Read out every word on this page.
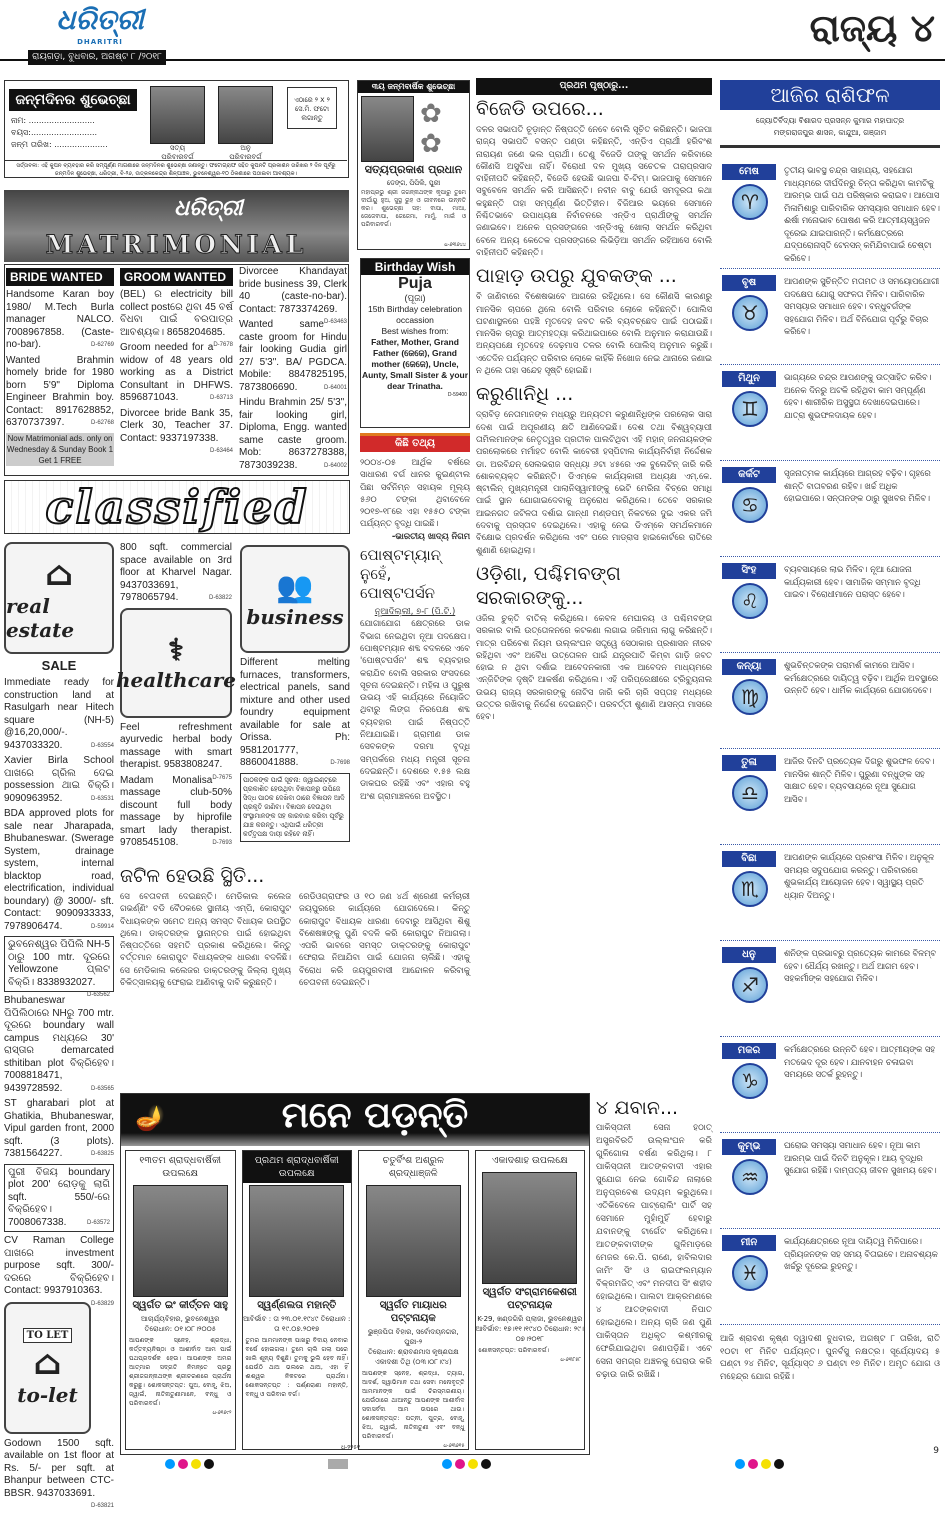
ଧରିତ୍ରୀ
DHARITRI
ରାୟଗଡ଼ା, ବୁଧବାର, ଅଗଷ୍ଟ ୮ /୨୦୧୮
ରାଜ୍ୟ ୪
ଜନ୍ମଦିନର ଶୁଭେଚ୍ଛା
ନାମ: ..........................
ବୟସ:..........................
ଜନ୍ମ ତାରିଖ: .....................	ସତ୍ୟ
ପରିବାରବର୍ଗ
ଅନୁ
ପରିବାରବର୍ଗ
ଏଠାରେ ୨ X ୨ ସେ.ମି. ଫଟୋ ଲଗାନ୍ତୁ
ସର୍ତ୍ତାବଳୀ: ଏହି କୁପନ ବ୍ୟବହାର କରି ସମ୍ପୂର୍ଣ୍ଣ ମାଗଣାରେ ଜନ୍ମଦିନର ଶୁଭେଚ୍ଛା ଜଣାନ୍ତୁ। ଫଟୋଗ୍ରାଫ ସହିତ କୁପନଟି ପ୍ରକାଶନ ତାରିଖର ୨ ଦିନ ପୂର୍ବରୁ ଜନ୍ମଦିନ ଶୁଭେଚ୍ଛା, ଧରିତ୍ରୀ, ବି-୨୬, ଉତ୍କଳକେନ୍ଦ୍ର ଶିଳ୍ପାଞ୍ଚଳ, ଭୁବନେଶ୍ୱର-୧୦ ଠିକଣାରେ ପଠାଇବା ଆବଶ୍ୟକ।
୩ୟ ଜନ୍ମବାର୍ଷିକ ଶୁଭେଚ୍ଛା
✿
✿
ସତ୍ୟପ୍ରକାଶ ପ୍ରଧାନ
ଡେଙ୍ଗ, ପିପିଲି, ପୁରୀ
ମହାପ୍ରଭୁ ଶ୍ରୀ ଜଗନ୍ନାଥଙ୍କ କୃପାରୁ ତୁମେ ଦୀର୍ଘାୟୁ ହୁଅ, ସୁସ୍ଥ ରୁହ ଓ ଜୀବନରେ ଉନ୍ନତି କର। ଶୁଭେଚ୍ଛା ସହ: ବାପା, ମାଆ, ଜେଜେବାପା, ଜେଜେମା, ମାମୁଁ, ମାଇଁ ଓ ପରିବାରବର୍ଗ।
ଧ-୬୩୬୪୪
ଧରିତ୍ରୀ
MATRIMONIAL
BRIDE WANTED

Handsome Karan boy 1980/ M.Tech Burla manager NALCO. 7008967858. (Caste-no-bar).	D-62769

Wanted Brahmin homely bride for 1980 born 5'9" Diploma Engineer Brahmin boy. Contact: 8917628852, 6370737397.	D-62768

Now Matrimonial ads. only on Wednesday & Sunday Book 1 Get 1 FREE
GROOM WANTED

(BEL) ର electricity bill collect postରେ ଥିବା 45 ବର୍ଷ ବିଧବା ପାଇଁ ବରପାତ୍ର ଆବଶ୍ୟକ। 8658204685.
D-7678

Groom needed for a widow of 48 years old working as a District Consultant in DHFWS. 8596871043.	D-63713

Divorcee bride Bank 35, Clerk 30, Teacher 37. Contact: 9337197338.
D-63464

Divorcee Khandayat bride business 39, Clerk 40 (caste-no-bar). Contact: 7873374269.
D-63463

Wanted same caste groom for Hindu fair looking Gudia girl 27/ 5'3". BA/ PGDCA. Mobile: 8847825195, 7873806690.	D-64001

Hindu Brahmin 25/ 5'3", fair looking girl, Diploma, Engg. wanted same caste groom. Mob: 8637278388, 7873039238.	D-64002

Birthday Wish
Puja
(ପୂଜା)
15th Birthday celebration occassion
Best wishes from:
Father, Mother, Grand Father (ଜେଜେ), Grand mother (ଜେଜେ), Uncle, Aunty, Small Sister & your dear Trinatha.
D-59400
କିଛି ତଥ୍ୟ
୨୦୦୪-୦୫ ଆର୍ଥିକ ବର୍ଷରେ ସାଧାରଣ ବର୍ଗ ଧାନର କୁଇଣ୍ଟାଲ ପିଛା ସର୍ବନିମ୍ନ ସହାୟକ ମୂଲ୍ୟ ୫୬୦ ଟଙ୍କା ଥିବାବେଳେ ୨୦୧୭-୧୮ରେ ଏହା ୧୫୫୦ ଟଙ୍କା ପର୍ଯ୍ୟନ୍ତ ବୃଦ୍ଧି ପାଇଛି।
-ଭାରତୀୟ ଖାଦ୍ୟ ନିଗମ
ପୋଷ୍ଟମ୍ୟାନ୍ ନୁହେଁ, ପୋଷ୍ଟପର୍ସନ
ନୂଆଦିଲ୍ଲୀ, ୭-୮ (ପି.ଟି.)
ଯୋଗାଯୋଗ କ୍ଷେତ୍ରରେ ଡାକ ବିଭାଗ ନେଇଥିବା ନୂଆ ପଦକ୍ଷେପ। ପୋଷ୍ଟମ୍ୟାନ ଶବ୍ଦ ବଦଳରେ ଏବେ 'ପୋଷ୍ଟପର୍ସନ' ଶବ୍ଦ ବ୍ୟବହାର କରାଯିବ ବୋଲି ସରକାର ସଂସଦରେ ସୂଚନା ଦେଇଛନ୍ତି। ମହିଳା ଓ ପୁରୁଷ ଉଭୟ ଏହି କାର୍ଯ୍ୟରେ ନିୟୋଜିତ ଥିବାରୁ ଲିଙ୍ଗ ନିରପେକ୍ଷ ଶବ୍ଦ ବ୍ୟବହାର ପାଇଁ ନିଷ୍ପତ୍ତି ନିଆଯାଇଛି। ଗ୍ରାମୀଣ ଡାକ ସେବକଙ୍କ ଦରମା ବୃଦ୍ଧି ସମ୍ପର୍କରେ ମଧ୍ୟ ମନ୍ତ୍ରୀ ସୂଚନା ଦେଇଛନ୍ତି। ଦେଶରେ ୧.୫୫ ଲକ୍ଷ ଡାକଘର ରହିଛି ଏବଂ ଏହାର ବହୁ ଅଂଶ ଗ୍ରାମାଞ୍ଚଳରେ ଅବସ୍ଥିତ।
classified
⌂
real estate
SALE

Immediate ready for construction land at Rasulgarh near Hitech square (NH-5) @16,20,000/-. 9437033320.	D-63554

Xavier Birla School ପାଖରେ ଗ୍ରିଲ ଦେଇ possession ଥାଇ ବିକ୍ରି। 9090963952.	D-63531

BDA approved plots for sale near Jharapada, Bhubaneswar. (Swerage System, drainage system, internal blacktop road, electrification, individual boundary) @ 3000/- sft. Contact: 9090933333, 7978906474.	D-59914

ଭୁବନେଶ୍ୱର ପିପିଲି NH-5 ଠାରୁ 100 mtr. ଦୂରରେ Yellowzone ପ୍ଲଟ ବିକ୍ରି। 8338932027.
D-63562

Bhubaneswar ପିପିଲିଠାରେ NHରୁ 700 mtr. ଦୂରରେ boundary wall campus ମଧ୍ୟରେ 30' ରାସ୍ତାର demarcated sthitiban plot ବିକ୍ରିହେବ। 7008818471, 9439728592.	D-63565

ST gharabari plot at Ghatikia, Bhubaneswar, Vipul garden front, 2000 sqft. (3 plots). 7381564227.	D-63825

ପୁରୀ ବିଜୟ boundary plot 200' ରୋଡ଼କୁ ଲାଗି sqft. 550/-ରେ ବିକ୍ରିହେବ। 7008067338.	D-63572

CV Raman College ପାଖରେ investment purpose sqft. 300/- ଦରରେ ବିକ୍ରିହେବ। Contact: 9937910363.
D-63829

TO LET
⌂
to-let

Godown 1500 sqft. available on 1st floor at Rs. 5/- per sqft. at Bhanpur between CTC-BBSR. 9437033691.
D-63821

800 sqft. commercial space available on 3rd floor at Kharvel Nagar. 9437033691, 7978065794.	D-63822

⚕
healthcare

Feel refreshment ayurvedic herbal body massage with smart therapist. 9583808247.
D-7675

Madam Monalisa massage club-50% discount full body massage by hiprofile smart lady therapist. 9708545108.	D-7693

👥
business

Different melting furnaces, transformers, electrical panels, sand mixture and other used foundry equipment available for sale at Orissa. Ph: 9581201777, 8860041888.	D-7698

ପାଠକଙ୍କ ପାଇଁ ସୂଚନା: ଜ୍ୱାଇଣ୍ଟ୍‌ରେ ପ୍ରକାଶିତ ହେଉଥିବା ବିଜ୍ଞାପନରୁ ଉପିଜେ ସିଦ୍ଧ ପାଠକ ଦେଖିବା ଠାରେ ବିଜ୍ଞାପନ ଆଦି ପ୍ରକୃତି ଜାଣିବା। ବିଜ୍ଞାପନ ଦେଉଥିବା ସଂସ୍ଥାମାନଙ୍କ ସହ କାରବାର କରିବା ପୂର୍ବରୁ ଯାଞ୍ଚ କରନ୍ତୁ। ଏଥିପାଇଁ ଧରିତ୍ରୀ କର୍ତ୍ତୃପକ୍ଷ ଦାୟୀ ରହିବେ ନାହିଁ।
ଜଟିଳ ହେଉଛି ସ୍ଥିତି...
ସେ ବେତାବନୀ ଦେଇଛନ୍ତି। ମେଡିକାଲ କଲେଜ ଗଭର୍ଣ୍ଣିଂ ବଡି ବୈଠକରେ ସ୍ଥାନୀୟ ଏମ୍‌ପି, କୋରାପୁଟ ବିଧାୟକଙ୍କ ସମେତ ଅନ୍ୟ ସମସ୍ତ ବିଧାୟକ ଉପସ୍ଥିତ ଥିଲେ। ଡାକ୍ତରଙ୍କ ସ୍ଥାନାନ୍ତର ପାଇଁ ହୋଇଥିବା ନିଷ୍ପତ୍ତିରେ ସହମତି ପ୍ରକାଶ କରିଥିଲେ। କିନ୍ତୁ ବର୍ତ୍ତମାନ କୋରାପୁଟ ବିଧାୟକଙ୍କ ଧାରଣା ବଦଳିଛି। ସେ ମେଡିକାଲ କଲେଜର ଡାକ୍ତରଙ୍କୁ ଜିଲ୍ଲା ମୁଖ୍ୟ ଚିକିତ୍ସାଳୟକୁ ଫେରାଇ ଆଣିବାକୁ ଦାବି କରୁଛନ୍ତି।
ରେଡିଓଗ୍ରାଫର ଓ ୧୦ ଜଣ ୪ର୍ଥ ଶ୍ରେଣୀ କର୍ମଚାରୀ ଜୟପୁରରେ କାର୍ଯ୍ୟରେ ଯୋଗଦେଲେ। କିନ୍ତୁ କୋରାପୁଟ ବିଧାୟକ ଧାରଣା ଦେବାରୁ ଆସିଥିବା ଶିଶୁ ବିଶେଷଜ୍ଞଙ୍କୁ ପୁଣି ବଦଳି କରି କୋରାପୁଟ ନିଆଗଲା। ଏପରି ଭାବରେ ସମସ୍ତ ଡାକ୍ତରଙ୍କୁ କୋରାପୁଟ ଫେରାଇ ନିଆଯିବା ପାଇଁ ଯୋଜନା ଚାଲିଛି। ଏହାକୁ ବିରୋଧ କରି ଜୟପୁରବାସୀ ଆନ୍ଦୋଳନ କରିବାକୁ ଚେତାବନୀ ଦେଇଛନ୍ତି।
ପ୍ରଥମ ପୃଷ୍ଠାରୁ...
ବିଜେଡି ଉପରେ...
ଦଳର ସଭାପତି ଚୂଡ଼ାନ୍ତ ନିଷ୍ପତ୍ତି ନେବେ ବୋଲି ସୂଚିତ କରିଛନ୍ତି। ଭାଜପା ରାଜ୍ୟ ସଭାପତି ବସନ୍ତ ପଣ୍ଡା କହିଛନ୍ତି, ଏନ୍‌ଡିଏ ପ୍ରାର୍ଥୀ ହରିବଂଶ ନାରାୟଣ ଜଣେ ଭଲ ପ୍ରାର୍ଥୀ। ତେଣୁ ବିଜେଡି ତାଙ୍କୁ ସମର୍ଥନ କରିବାରେ କୌଣସି ଅସୁବିଧା ନାହିଁ। ବିରୋଧୀ ଦଳ ମୁଖ୍ୟ ସଚେତକ ତାରାପ୍ରସାଦ ବାହିନୀପତି କହିଛନ୍ତି, ବିଜେଡି ହେଉଛି ଭାଜପା ବି-ଟିମ୍। ଭାଜପାକୁ ସେମାନେ ସବୁବେଳେ ସମର୍ଥନ କରି ଆସିଛନ୍ତି। ନବୀନ ବାବୁ ଯେଉଁ ସମଦୂରତା କଥା କହୁଛନ୍ତି ତାହା ସମ୍ପୂର୍ଣ୍ଣ ଭିତ୍ତିହୀନ। ବିଜିଆର ଭୟରେ ସେମାନେ ନିଶ୍ଚିତଭାବେ ଉପାଧ୍ୟକ୍ଷ ନିର୍ବାଚନରେ ଏନ୍‌ଡିଏ ପ୍ରାର୍ଥୀଙ୍କୁ ସମର୍ଥନ ଜଣାଇବେ। ଅନେକ ପ୍ରସଙ୍ଗରେ ଏନ୍‌ଡିଏକୁ ଖୋଲା ସମର୍ଥନ କରିଥିବା ବେଳେ ଅନ୍ୟ କେତେକ ପ୍ରସଙ୍ଗରେ ଲିଭିଡ଼ିଆ ସମର୍ଥନ ରହିଆସେ ବୋଲି ବାହିନୀପତି କହିଛନ୍ତି।
ପାହାଡ଼ ଉପରୁ ଯୁବକଙ୍କ ...
ବି ଜାଣିବାରେ ବିଶେଷଭାବେ ଆଗରେ ରହିଥିଲେ। ସେ କୌଣସି କାରଣରୁ ମାନସିକ ଚାପରେ ଥିଲେ ବୋଲି ପରିବାର ଲୋକେ କହିଛନ୍ତି। ପୋଲିସ ଘଟଣାସ୍ଥଳରେ ପହଞ୍ଚି ମୃତଦେହ ଜବତ କରି ବ୍ୟବଚ୍ଛେଦ ପାଇଁ ପଠାଇଛି। ମାନସିକ ଚାପରୁ ଆତ୍ମହତ୍ୟା କରିଥାଇପାରେ ବୋଲି ଅନୁମାନ କରାଯାଉଛି। ଅନ୍ୟପକ୍ଷେ ମୃତଦେହ ଦେଢ଼ମାସ ତଳର ବୋଲି ପୋଲିସ୍ ଅନୁମାନ କରୁଛି। ଏତେଦିନ ପର୍ଯ୍ୟନ୍ତ ପରିବାର ଲୋକେ କାହିଁକି ନିଖୋଜ ନେଇ ଥାନାରେ ଜଣାଇ ନ ଥିଲେ ତାହା ସନ୍ଦେହ ସୃଷ୍ଟି ହୋଇଛି।
କରୁଣାନିଧି ...
ଦ୍ରାବିଡ଼ ନେତାମାନଙ୍କ ମଧ୍ୟରୁ ଅନ୍ୟତମ କରୁଣାନିଧିଙ୍କ ପରଲୋକ ସାରା ଦେଶ ପାଇଁ ଅପୂରଣୀୟ କ୍ଷତି ଆଣିଦେଇଛି। ଦେଶ ତଥା ବିଶ୍ୱବ୍ୟାପୀ ତାମିଲମାନଙ୍କ ନେତୃତ୍ୱର ପ୍ରତୀକ ପାଲଟିଥିବା ଏହି ମହାନ୍ ଜନନାୟକଙ୍କ ପରଲୋକରେ ମର୍ମାହତ ବୋଲି କାବେରୀ ହସ୍ପିଟାଲ କାର୍ଯ୍ୟନିର୍ବାହୀ ନିର୍ଦ୍ଦେଶକ ଡା. ଅରବିନ୍ଦନ୍ ସେଲଭରାଜ ସନ୍ଧ୍ୟା ୬ଟା ୪୫ରେ ଏକ ବୁଲେଟିନ୍ ଜାରି କରି ଶୋକବ୍ୟକ୍ତ କରିଛନ୍ତି। ଡିଏମ୍‌କେ କାର୍ଯ୍ୟକାରୀ ଅଧ୍ୟକ୍ଷ ଏମ୍.କେ. ଷ୍ଟାଲିନ୍ ମୁଖ୍ୟମନ୍ତ୍ରୀ ପାଲାନିସ୍ୱାମୀଙ୍କୁ ଭେଟି ମେରିନା ବିଚ୍‌ରେ ସମାଧି ପାଇଁ ସ୍ଥାନ ଯୋଗାଇଦେବାକୁ ଅନୁରୋଧ କରିଥିଲେ। ତେବେ ସରକାର ଆଇନଗତ ଜଟିଳତା ଦର୍ଶାଇ ଗାନ୍ଧୀ ମଣ୍ଡପମ୍ ନିକଟରେ ଦୁଇ ଏକର ଜମି ଦେବାକୁ ପ୍ରସ୍ତାବ ଦେଇଥିଲେ। ଏହାକୁ ନେଇ ଡିଏମ୍‌କେ ସମର୍ଥକମାନେ ବିକ୍ଷୋଭ ପ୍ରଦର୍ଶନ କରିଥିଲେ ଏବଂ ପରେ ମାଡ୍ରାସ ହାଇକୋର୍ଟରେ ରାତିରେ ଶୁଣାଣି ହୋଇଥିଲା।
ଓଡ଼ିଶା, ପଶ୍ଚିମବଙ୍ଗ ସରକାରଙ୍କୁ...
ଓଜିଲ ଚୁକ୍ତି ବାତିଲ୍ କରିଥିଲେ। କେବଳ ମେଘାଳୟ ଓ ପଶ୍ଚିମବଙ୍ଗ ସରକାର ବାଲି ଉତ୍ତୋଳନରେ କଟକଣା ଲଗାଇ ଜରିମାନା ଲାଗୁ କରିଛନ୍ତି। ମାତ୍ର ପରିବେଶ ନିୟମ ଉଲ୍ଲଂଘନ ସତ୍ତ୍ୱେ ସେଠାକାର ପ୍ରଶାସନ ନୀରବ ରହିଥିବା ଏବଂ ଅବୈଧ ଉତ୍ତୋଳନ ପାଇଁ ଯନ୍ତ୍ରପାତି କିମ୍ବା ଗାଡ଼ି ଜବତ ହୋଇ ନ ଥିବା ଦର୍ଶାଇ ଆବେଦନକାରୀ ଏକ ଆବେଦନ ମାଧ୍ୟମରେ ଏନ୍‌ଜିଟିଙ୍କ ଦୃଷ୍ଟି ଆକର୍ଷଣ କରିଥିଲେ। ଏହି ପରିପ୍ରେକ୍ଷୀରେ ଟ୍ରିବ୍ୟୁନାଲ ଉଭୟ ରାଜ୍ୟ ସରକାରଙ୍କୁ ନୋଟିସ ଜାରି କରି ଚାରି ସପ୍ତାହ ମଧ୍ୟରେ ଉତ୍ତର ରଖିବାକୁ ନିର୍ଦ୍ଦେଶ ଦେଇଛନ୍ତି। ପରବର୍ତ୍ତୀ ଶୁଣାଣି ଆସନ୍ତା ମାସରେ ହେବ।
୪ ଯବାନ...
ପାକିସ୍ତାନୀ ସେନା ହଠାତ୍ ଅସ୍ତ୍ରବିରତି ଉଲ୍ଲଂଘନ କରି ଗୁଳିଗୋଳା ବର୍ଷଣ କରିଥିଲା। ୮ ପାକିସ୍ତାନୀ ଆତଙ୍କବାଦୀ ଏହାର ସୁଯୋଗ ନେଇ ଗୋବିନ୍ଦ ନାଲାରେ ଅନୁପ୍ରବେଶ ଉଦ୍ୟମ କରୁଥିଲେ। ଏତିକିବେଳେ ପାଟ୍ରୋଲିଂ ପାର୍ଟି ସହ ସେମାନେ ମୁହାଁମୁହିଁ ହେବାରୁ ଯବାନଙ୍କୁ ଟାର୍ଗେଟ କରିଥିଲେ। ଆତଙ୍କବାଦୀଙ୍କ ଗୁଳିମାଡ଼ରେ ମେଜର କେ.ପି. ରାଣେ, ହାବିଲଦାର ଜାମିଂ ସିଂ ଓ ରାଇଫଲମ୍ୟାନ ବିକ୍ରମଜିତ୍ ଏବଂ ମନଦୀପ ସିଂ ଶହୀଦ ହୋଇଥିଲେ। ପାଲଟା ଆକ୍ରମଣରେ ୪ ଆତଙ୍କବାଦୀ ନିପାତ ହୋଇଥିଲେ। ଅନ୍ୟ ଚାରି ଜଣ ପୁଣି ପାକିସ୍ତାନ ଅଧିକୃତ କଶ୍ମୀରକୁ ଫେରିଯାଇଥିବା ଜଣାପଡ଼ିଛି। ଏବେ ସେନା ସମଗ୍ର ଅଞ୍ଚଳକୁ ଘେରାଉ କରି ଚଢ଼ାଉ ଜାରି ରଖିଛି।
🪔	ମନେ ପଡ଼ନ୍ତି
୧୩ତମ ଶ୍ରାଦ୍ଧବାର୍ଷିକୀ ଉପଲକ୍ଷେ
ସ୍ୱର୍ଗତ ଇଂ କୀର୍ତ୍ତନ ସାହୁ
ଆଚାର୍ଯ୍ୟବିହାର, ଭୁବନେଶ୍ୱର
ତିରୋଧାନ: ୦୧।୦୮।୨୦୦୫
ଆପଣଙ୍କ ସ୍ନେହ, ଶ୍ରଦ୍ଧା, କର୍ତ୍ତବ୍ୟନିଷ୍ଠା ଓ ଆଶୀର୍ବାଦ ଆମ ପାଇଁ ପଥପ୍ରଦର୍ଶକ ହେଉ। ଆପଣଙ୍କ ଅମର ଆତ୍ମାର ସଦ୍‌ଗତି ନିମନ୍ତେ ପ୍ରଭୁ ଶ୍ରୀଜଗନ୍ନାଥଙ୍କ ଶ୍ରୀଚରଣରେ ପ୍ରାର୍ଥନା କରୁଛୁ। ଶୋକସନ୍ତପ୍ତ: ପୁଅ, ବୋହୂ, ଝିଅ, ଜ୍ୱାଇଁ, ନାତିନାତୁଣୀମାନେ, ବନ୍ଧୁ ଓ ପରିବାରବର୍ଗ।
ଧ-୬୧୬୯୨
ପ୍ରଥମ ଶ୍ରାଦ୍ଧବାର୍ଷିକୀ ଉପଲକ୍ଷେ
ସ୍ୱର୍ଣ୍ଣଲତା ମହାନ୍ତି
ଆବିର୍ଭାବ : ତା ୨୩.୦୧.୧୯୪୯ ତିରୋଧାନ : ତା ୧୯.୦୭.୨୦୧୭
ତୁମର ଆମମାନଙ୍କ ପାଖରୁ ବିଦାୟ ନେବାର ବର୍ଷେ ହୋଇଗଲା। ତୁମେ ଚାଲି ଗଲା ପରେ ଖାଲି ଶୂନ୍ୟ ଦିଶୁଛି। ତୁମକୁ ଭୁଲି ହେବ ନାହିଁ। ଯେଉଁଠି ଥାଅ ଭଲରେ ଥାଅ, ଏହା ହିଁ ଈଶ୍ୱର ନିକଟରେ ପ୍ରାର୍ଥନା। ଶୋକସନ୍ତପ୍ତ : ପର୍ଣ୍ଣରାଣୀ ମହାନ୍ତି, ବନ୍ଧୁ ଓ ପରିବାର ବର୍ଗ।
ଚତୁର୍ବିଂଶ ଅଶ୍ରୁଳ ଶ୍ରଦ୍ଧାଞ୍ଜଳି
ସ୍ୱର୍ଗତ ମାୟାଧର ପଟ୍ଟନାୟକ
ଭୁଞ୍ଜପିତା ବିହାର, ସର୍ବୋଦୟନଗର, ପୁରୀ-୨
ତିରୋଧାନ: ଶ୍ରାବଣମାସ କୃଷ୍ଣପକ୍ଷ ଏକାଦଶୀ ତିଥି (୦୩।୦୮।୯୪)
ଆପଣଙ୍କ ସ୍ନେହ, ଶ୍ରଦ୍ଧା, ତ୍ୟାଗ, ଆଦର୍ଶ, ସ୍ୱାଭିମାନ ତଥା ସେବା ମନୋବୃତ୍ତି ଆମମାନଙ୍କ ପାଇଁ ଚିରସ୍ମରଣୀୟ। ଯେଉଁଠାରେ ଥାଆନ୍ତୁ ଆପଣଙ୍କ ଆଶୀର୍ବାଦ ସଦାସର୍ବଦା ଆମ ଉପରେ ଥାଉ। ଶୋକସନ୍ତପ୍ତ: ପତ୍ନୀ, ପୁତ୍ର, ବୋହୂ, ଝିଅ, ଜ୍ୱାଇଁ, ନାତିନାତୁଣୀ ଏବଂ ବନ୍ଧୁ ପରିବାରବର୍ଗ।
ଧ-୬୩୬୧୫
ଏକାଦଶାହ ଉପଲକ୍ଷେ
ସ୍ୱର୍ଗତ ସଂଗ୍ରାମକେଶରୀ ପଟ୍ଟନାୟକ
K-29, ଖଣ୍ଡଗିରି ପ୍ଲାଜା, ଭୁବନେଶ୍ୱର
ଆବିର୍ଭାବ: ୧୭।୧୧।୧୯୪୦ ତିରୋଧାନ: ୨୯।୦୭।୨୦୧୮
ଶୋକସନ୍ତପ୍ତ: ପରିବାରବର୍ଗ।
ଧ-୬୩୮୫୮
ଧ-୨୨୫୧
ଆଜିର ରାଶିଫଳ
ଜ୍ୟୋତିର୍ବିଦ୍ୟା ବିଶାରଦ ପ୍ରସନ୍ନ କୁମାର ମହାପାତ୍ର
ମଙ୍ଗରାଜପୁର ଶାସନ, କାନ୍ଦୁଆ, ଗଞ୍ଜାମ
ମେଷ
♈
ତୃତୀୟ ଭାବସ୍ଥ ଚନ୍ଦ୍ର ସାହାଯ୍ୟ, ସହଯୋଗ ମାଧ୍ୟମରେ ଦୀର୍ଘଦିନରୁ ଚିନ୍ତା କରିଥିବା କାମଟିକୁ ଆରମ୍ଭ ପାଇଁ ପଥ ପରିଷ୍କାର କରାଇବ। ଆପୋସ ମିଳାମିଶାରୁ ପାରିବାରିକ ସମସ୍ୟାର ସମାଧାନ ହେବ। ଈର୍ଷା ମନୋଭାବ ପୋଷଣ କରି ଆତ୍ମୀୟସ୍ୱଜନ ଦୂରେଇ ଯାଇପାରନ୍ତି। କର୍ମକ୍ଷେତ୍ରରେ ଯଦ୍‌ପରୋନାସ୍ତି ଟେନସନ୍ କମିଯିବାପାଇଁ ଚେଷ୍ଟା କରିବେ।
ବୃଷ
♉
ଆପଣଙ୍କ ସୁଚିନ୍ତିତ ମତାମତ ଓ ସମୟୋପଯୋଗୀ ପଦକ୍ଷେପ ଯୋଗୁ ସଫଳତା ମିଳିବ। ପାରିବାରିକ ସମସ୍ୟାର ସମାଧାନ ହେବ। ବନ୍ଧୁବର୍ଗଙ୍କ ସହଯୋଗ ମିଳିବ। ଅର୍ଥ ବିନିଯୋଗ ପୂର୍ବରୁ ବିଚାର କରିବେ।
ମିଥୁନ
♊
ଭାଗ୍ୟରେ ଚନ୍ଦ୍ର ଆପଣଙ୍କୁ ଉତ୍ସାହିତ କରିବ। ଅନେକ ଦିନରୁ ଅଟକି ରହିଥିବା କାମ ସମ୍ପୂର୍ଣ୍ଣ ହେବ। ଶାରୀରିକ ଅସୁସ୍ଥତା ଦେଖାଦେଇପାରେ। ଯାତ୍ରା ଶୁଭଫଳଦାୟକ ହେବ।
କର୍କଟ
♋
ସୃଜନାତ୍ମକ କାର୍ଯ୍ୟରେ ଆଗ୍ରହ ବଢ଼ିବ। ଗୃହରେ ଶାନ୍ତି ବାତାବରଣ ରହିବ। ଖର୍ଚ୍ଚ ଅଧିକ ହୋଇପାରେ। ସନ୍ତାନଙ୍କ ଠାରୁ ସୁଖବର ମିଳିବ।
ସିଂହ
♌
ବ୍ୟବସାୟରେ ଲାଭ ମିଳିବ। ନୂଆ ଯୋଜନା କାର୍ଯ୍ୟକାରୀ ହେବ। ସାମାଜିକ ସମ୍ମାନ ବୃଦ୍ଧି ପାଇବ। ବିରୋଧୀମାନେ ପରାସ୍ତ ହେବେ।
କନ୍ୟା
♍
ଶୁଭଚିନ୍ତକଙ୍କ ପରାମର୍ଶ କାମରେ ଆସିବ। କର୍ମକ୍ଷେତ୍ରରେ ଦାୟିତ୍ୱ ବଢ଼ିବ। ଆର୍ଥିକ ଅବସ୍ଥାରେ ଉନ୍ନତି ହେବ। ଧାର୍ମିକ କାର୍ଯ୍ୟରେ ଯୋଗଦେବେ।
ତୁଳା
♎
ଆଜିର ଦିନଟି ପ୍ରତ୍ୟେକ ଦିଗରୁ ଶୁଭଫଳ ଦେବ। ମାନସିକ ଶାନ୍ତି ମିଳିବ। ପୁରୁଣା ବନ୍ଧୁଙ୍କ ସହ ସାକ୍ଷାତ ହେବ। ବ୍ୟବସାୟରେ ନୂଆ ସୁଯୋଗ ଆସିବ।
ବିଛା
♏
ଆପଣଙ୍କ କାର୍ଯ୍ୟରେ ପ୍ରଶଂସା ମିଳିବ। ଅନୁକୂଳ ସମୟର ସଦୁପଯୋଗ କରନ୍ତୁ। ପରିବାରରେ ଶୁଭକାର୍ଯ୍ୟ ଆୟୋଜନ ହେବ। ସ୍ୱାସ୍ଥ୍ୟ ପ୍ରତି ଧ୍ୟାନ ଦିଅନ୍ତୁ।
ଧନୁ
♐
ଶନିଙ୍କ ପ୍ରଭାବରୁ ପ୍ରତ୍ୟେକ କାମରେ ବିଳମ୍ବ ହେବ। ଧୈର୍ଯ୍ୟ ରଖନ୍ତୁ। ଅର୍ଥ ଆଗମ ହେବ। ସହକର୍ମୀଙ୍କ ସହଯୋଗ ମିଳିବ।
ମକର
♑
କର୍ମକ୍ଷେତ୍ରରେ ଉନ୍ନତି ହେବ। ଆତ୍ମୀୟଙ୍କ ସହ ମତଭେଦ ଦୂର ହେବ। ଯାନବାହନ ଚଳାଇବା ସମୟରେ ସତର୍କ ରୁହନ୍ତୁ।
କୁମ୍ଭ
♒
ଘରୋଇ ସମସ୍ୟା ସମାଧାନ ହେବ। ନୂଆ କାମ ଆରମ୍ଭ ପାଇଁ ଦିନଟି ଅନୁକୂଳ। ଆୟ ବୃଦ୍ଧିର ସୁଯୋଗ ରହିଛି। ଦାମ୍ପତ୍ୟ ଜୀବନ ସୁଖମୟ ହେବ।
ମୀନ
♓
କାର୍ଯ୍ୟକ୍ଷେତ୍ରରେ ନୂଆ ଦାୟିତ୍ୱ ମିଳିପାରେ। ପ୍ରିୟଜନଙ୍କ ସହ ସମୟ ବିତାଇବେ। ଅନାବଶ୍ୟକ ଖର୍ଚ୍ଚରୁ ଦୂରେଇ ରୁହନ୍ତୁ।
ଆଜି ଶ୍ରାବଣ କୃଷ୍ଣ ଦ୍ୱାଦଶୀ ବୁଧବାର, ଅଗଷ୍ଟ ୮ ତାରିଖ, ରାତି ୧୦ଟା ୧୮ ମିନିଟ ପର୍ଯ୍ୟନ୍ତ। ପୁନର୍ବସୁ ନକ୍ଷତ୍ର। ସୂର୍ଯ୍ୟୋଦୟ ୫ ଘଣ୍ଟା ୨୪ ମିନିଟ, ସୂର୍ଯ୍ୟାସ୍ତ ୬ ଘଣ୍ଟା ୧୭ ମିନିଟ। ଅମୃତ ଯୋଗ ଓ ମହେନ୍ଦ୍ର ଯୋଗ ରହିଛି।
9
